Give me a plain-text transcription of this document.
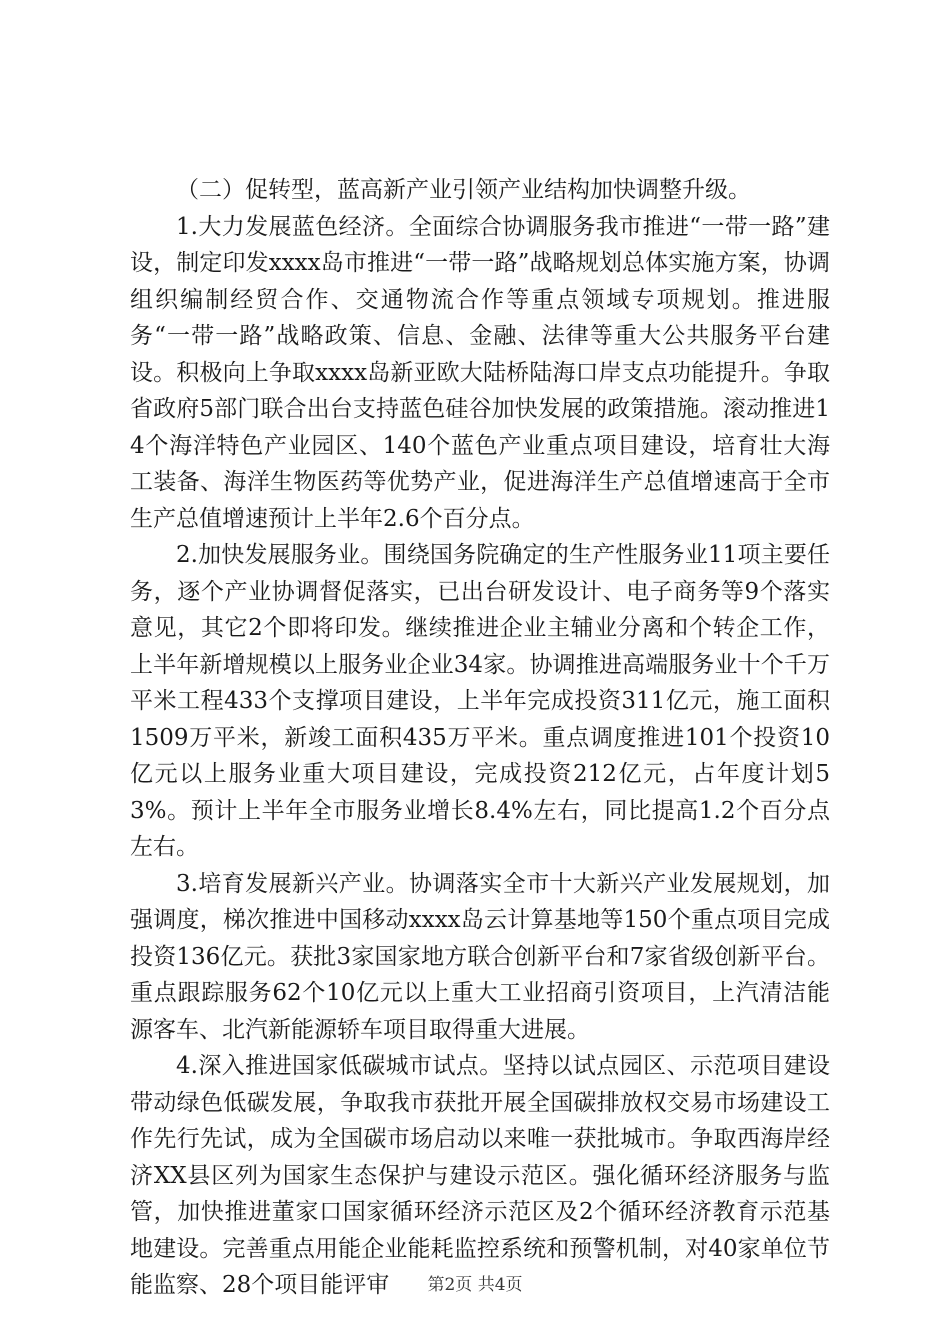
（二）促转型，蓝高新产业引领产业结构加快调整升级。

1.大力发展蓝色经济。全面综合协调服务我市推进“一带一路”建设，制定印发xxxx岛市推进“一带一路”战略规划总体实施方案，协调组织编制经贸合作、交通物流合作等重点领域专项规划。推进服务“一带一路”战略政策、信息、金融、法律等重大公共服务平台建设。积极向上争取xxxx岛新亚欧大陆桥陆海口岸支点功能提升。争取省政府5部门联合出台支持蓝色硅谷加快发展的政策措施。滚动推进14个海洋特色产业园区、140个蓝色产业重点项目建设，培育壮大海工装备、海洋生物医药等优势产业，促进海洋生产总值增速高于全市生产总值增速预计上半年2.6个百分点。

2.加快发展服务业。围绕国务院确定的生产性服务业11项主要任务，逐个产业协调督促落实，已出台研发设计、电子商务等9个落实意见，其它2个即将印发。继续推进企业主辅业分离和个转企工作，上半年新增规模以上服务业企业34家。协调推进高端服务业十个千万平米工程433个支撑项目建设，上半年完成投资311亿元，施工面积1509万平米，新竣工面积435万平米。重点调度推进101个投资10亿元以上服务业重大项目建设，完成投资212亿元，占年度计划53%。预计上半年全市服务业增长8.4%左右，同比提高1.2个百分点左右。

3.培育发展新兴产业。协调落实全市十大新兴产业发展规划，加强调度，梯次推进中国移动xxxx岛云计算基地等150个重点项目完成投资136亿元。获批3家国家地方联合创新平台和7家省级创新平台。重点跟踪服务62个10亿元以上重大工业招商引资项目，上汽清洁能源客车、北汽新能源轿车项目取得重大进展。

4.深入推进国家低碳城市试点。坚持以试点园区、示范项目建设带动绿色低碳发展，争取我市获批开展全国碳排放权交易市场建设工作先行先试，成为全国碳市场启动以来唯一获批城市。争取西海岸经济XX县区列为国家生态保护与建设示范区。强化循环经济服务与监管，加快推进董家口国家循环经济示范区及2个循环经济教育示范基地建设。完善重点用能企业能耗监控系统和预警机制，对40家单位节能监察、28个项目能评审	第2页 共4页
